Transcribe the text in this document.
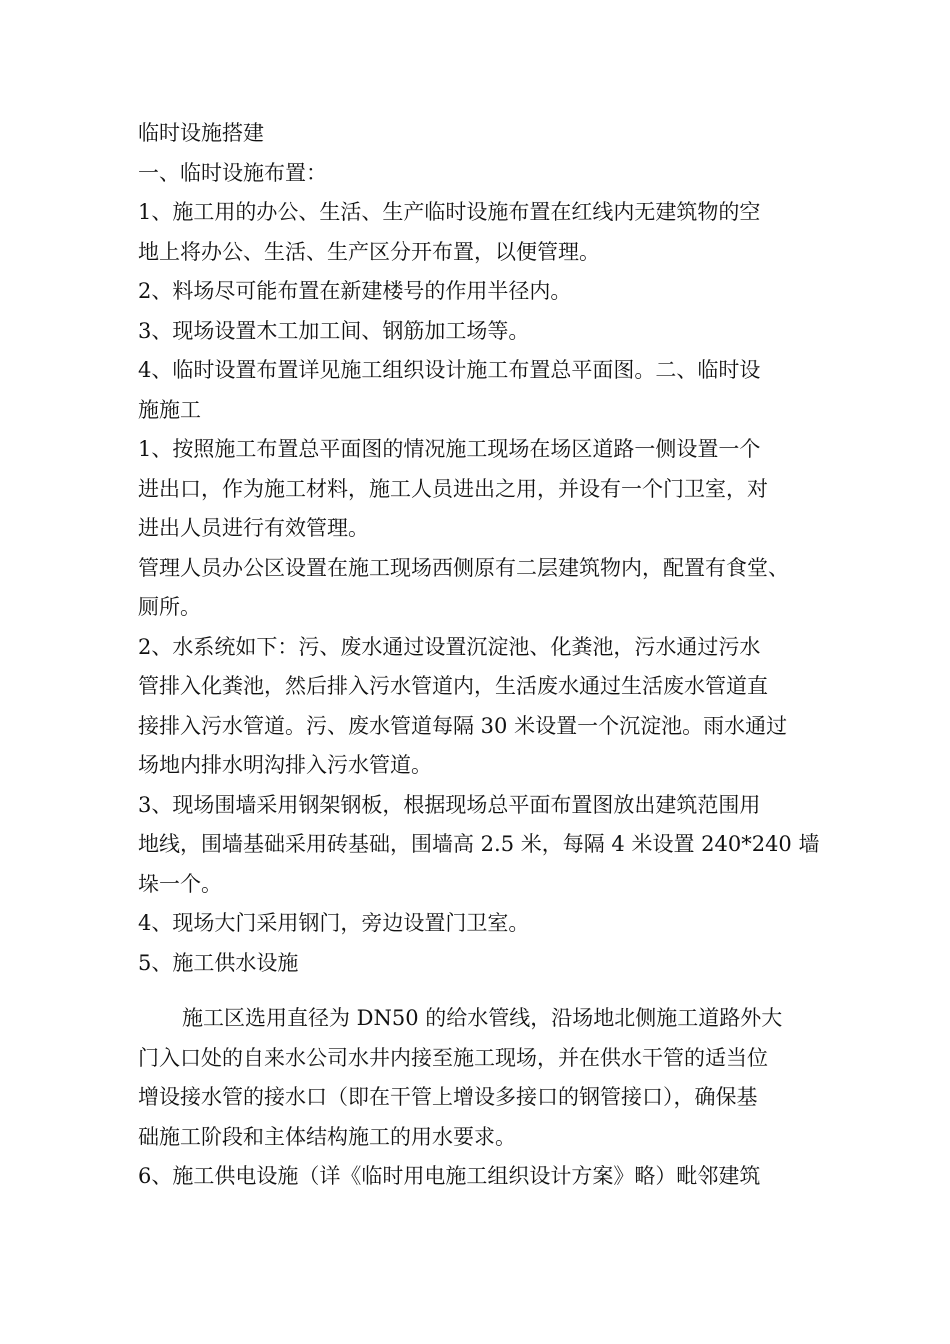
临时设施搭建
一、临时设施布置：
1、施工用的办公、生活、生产临时设施布置在红线内无建筑物的空
地上将办公、生活、生产区分开布置，以便管理。
2、料场尽可能布置在新建楼号的作用半径内。
3、现场设置木工加工间、钢筋加工场等。
4、临时设置布置详见施工组织设计施工布置总平面图。二、临时设
施施工
1、按照施工布置总平面图的情况施工现场在场区道路一侧设置一个
进出口，作为施工材料，施工人员进出之用，并设有一个门卫室，对
进出人员进行有效管理。
管理人员办公区设置在施工现场西侧原有二层建筑物内，配置有食堂、
厕所。
2、水系统如下：污、废水通过设置沉淀池、化粪池，污水通过污水
管排入化粪池，然后排入污水管道内，生活废水通过生活废水管道直
接排入污水管道。污、废水管道每隔 30 米设置一个沉淀池。雨水通过
场地内排水明沟排入污水管道。
3、现场围墙采用钢架钢板，根据现场总平面布置图放出建筑范围用
地线，围墙基础采用砖基础，围墙高 2.5 米，每隔 4 米设置 240*240 墙
垛一个。
4、现场大门采用钢门，旁边设置门卫室。
5、施工供水设施
施工区选用直径为 DN50 的给水管线，沿场地北侧施工道路外大
门入口处的自来水公司水井内接至施工现场，并在供水干管的适当位
增设接水管的接水口（即在干管上增设多接口的钢管接口），确保基
础施工阶段和主体结构施工的用水要求。
6、施工供电设施（详《临时用电施工组织设计方案》略）毗邻建筑
